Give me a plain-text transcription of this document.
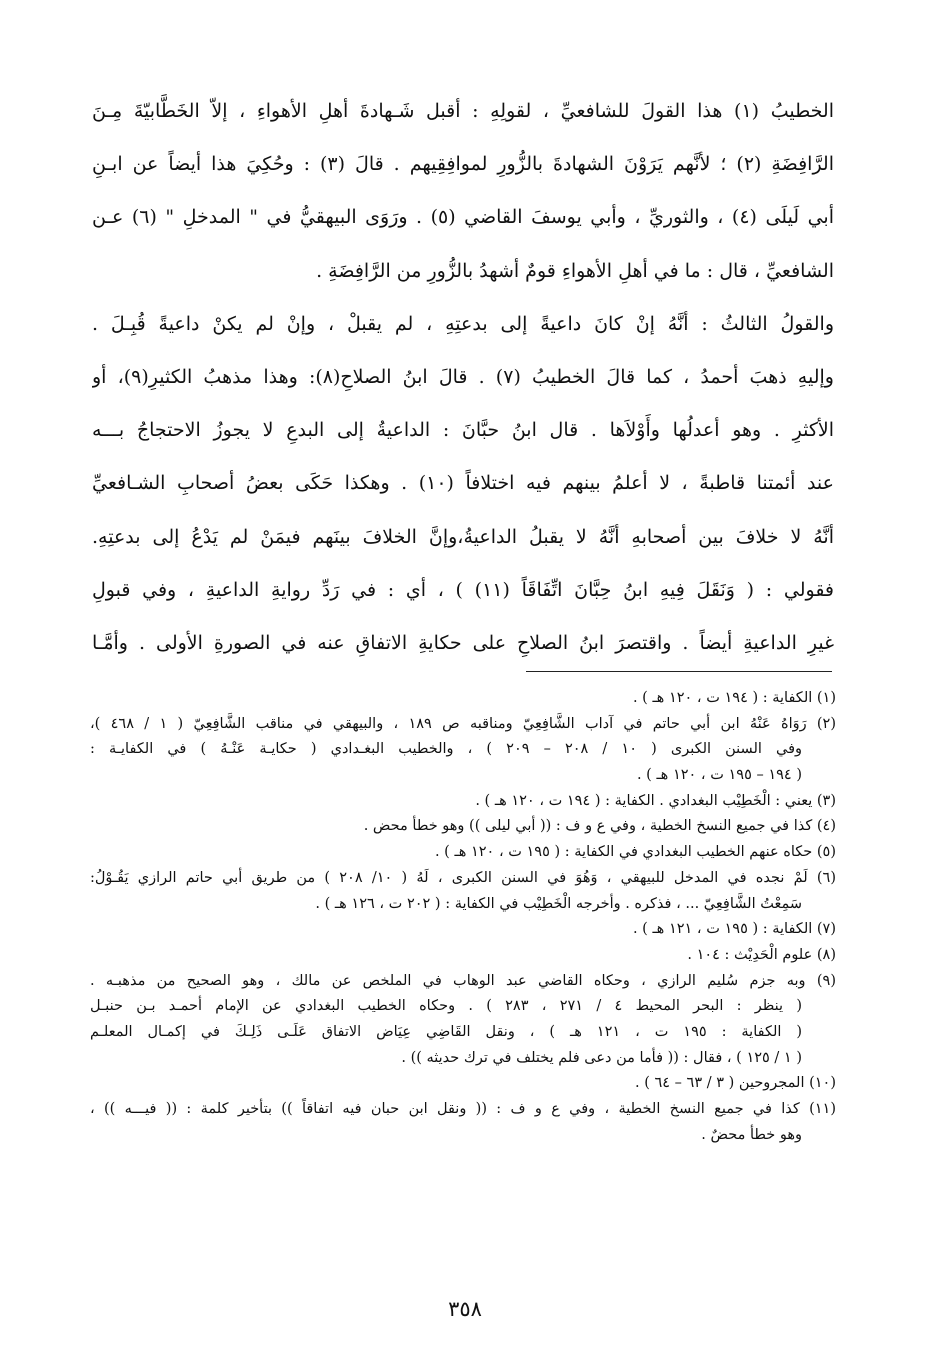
الخطيبُ (١) هذا القولَ للشافعيِّ ، لقولِهِ : أقبل شَـهادةَ أهلِ الأهواءِ ، إلاّ الخَطَّابيّةَ مِـنَ
الرَّافِضَةِ (٢) ؛ لأنَّهم يَرَوْنَ الشهادةَ بالزُّورِ لموافِقِيهم . قالَ (٣) : وحُكِيَ هذا أيضاً عن ابـنِ
أبي لَيلَى (٤) ، والثوريِّ ، وأبي يوسفَ القاضي (٥) . ورَوَى البيهقيُّ في " المدخلِ " (٦) عـن
الشافعيِّ ، قال : ما في أهلِ الأهواءِ قومٌ أشهدُ بالزُّورِ من الرَّافِضَةِ .
والقولُ الثالثُ : أنَّهُ إنْ كانَ داعيةً إلى بدعتِهِ ، لم يقبلْ ، وإنْ لم يكنْ داعيةً قُبِـلَ .
وإليهِ ذهبَ أحمدُ ، كما قالَ الخطيبُ (٧) . قالَ ابنُ الصلاحِ(٨): وهذا مذهبُ الكثيرِ(٩)، أو
الأكثرِ . وهو أعدلُها وأَوْلاَها . قال ابنُ حبَّانَ : الداعيةُ إلى البدعِ لا يجوزُ الاحتجاجُ بـــه
عند أئمتنا قاطبةً ، لا أعلمُ بينهم فيه اختلافاً (١٠) . وهكذا حَكَى بعضُ أصحابِ الشـافعيِّ
أنَّهُ لا خلافَ بين أصحابهِ أنَّهُ لا يقبلُ الداعيةُ،وإنَّ الخلافَ بينَهم فيمَنْ لم يَدْعُ إلى بدعتِهِ.
فقولي : ( وَنَقَلَ فِيهِ ابنُ حِبَّانَ اتِّفَاقَاً (١١) ) ، أي : في رَدِّ روايةِ الداعيةِ ، وفي قبولِ
غيرِ الداعيةِ أيضاً . واقتصرَ ابنُ الصلاحِ على حكايةِ الاتفاقِ عنه في الصورةِ الأولى . وأمَّـا
(١) الكفاية : ( ١٩٤ ت ، ١٢٠ هـ ) .
(٢) رَوَاهُ عَنْهُ ابن أبي حاتم في آداب الشَّافِعِيّ ومناقبه ص ١٨٩ ، والبيهقي في مناقب الشَّافِعِيّ ( ١ / ٤٦٨ )،
وفي السنن الكبرى ( ١٠ / ٢٠٨ – ٢٠٩ ) ، والخطيب البغـدادي ( حكايـة عَنْـهُ ) في الكفايـة :
( ١٩٤ – ١٩٥ ت ، ١٢٠ هـ ) .
(٣) يعني : الْخَطِيْب البغدادي . الكفاية : ( ١٩٤ ت ، ١٢٠ هـ ) .
(٤) كذا في جميع النسخ الخطية ، وفي ع و ف : (( أبي ليلى )) وهو خطأ محض .
(٥) حكاه عنهم الخطيب البغدادي في الكفاية : ( ١٩٥ ت ، ١٢٠ هـ ) .
(٦) لَمْ نجده في المدخل للبيهقي ، وَهُوَ في السنن الكبرى ، لَهُ ( ١٠/ ٢٠٨ ) من طريق أبي حاتم الرازي يَقُـوْلُ:
سَمِعْتُ الشَّافِعِيّ ... ، فذكره . وأخرجه الْخَطِيْب في الكفاية : ( ٢٠٢ ت ، ١٢٦ هـ ) .
(٧) الكفاية : ( ١٩٥ ت ، ١٢١ هـ ) .
(٨) علوم الْحَدِيْث : ١٠٤ .
(٩) وبه جزم سُليم الرازي ، وحكاه القاضي عبد الوهاب في الملخص عن مالك ، وهو الصحيح من مذهبـه .
( ينظر : البحر المحيط ٤ / ٢٧١ ، ٢٨٣ ) . وحكاه الخطيب البغدادي عن الإمام أحمـد بـن حنبـل
( الكفاية : ١٩٥ ت ، ١٢١ هـ ) ، ونقل القَاضِي عِيَاض الاتفاق عَلَـى ذَلِـكَ في إكمـال المعلـم
( ١ / ١٢٥ ) ، فقال : (( فأما من دعى فلم يختلف في ترك حديثه )) .
(١٠) المجروحين ( ٣ / ٦٣ – ٦٤ ) .
(١١) كذا في جميع النسخ الخطية ، وفي ع و ف : (( ونقل ابن حبان فيه اتفاقاً )) بتأخير كلمة : (( فيـــه )) ،
وهو خطأ محضٌ .
٣٥٨
